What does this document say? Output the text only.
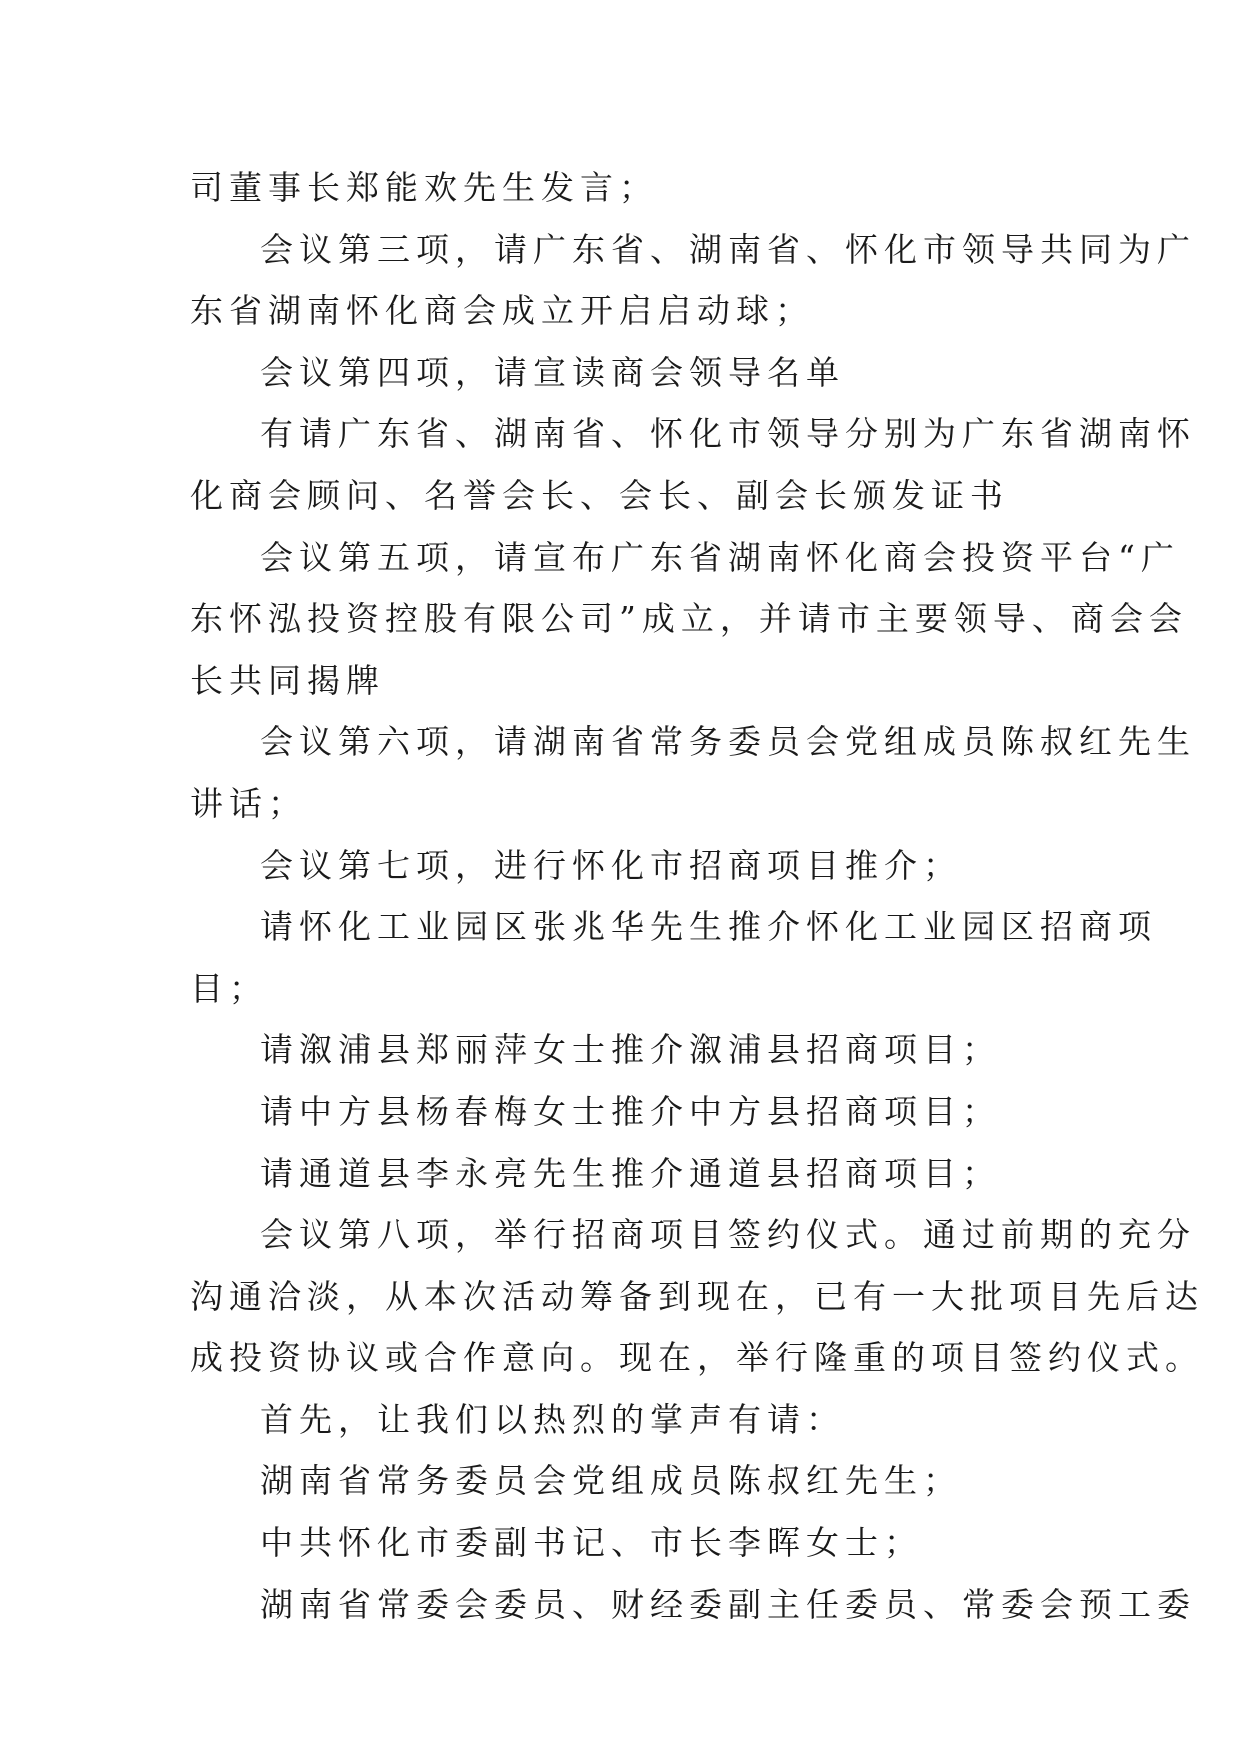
司董事长郑能欢先生发言；
会议第三项，请广东省、湖南省、怀化市领导共同为广
东省湖南怀化商会成立开启启动球；
会议第四项，请宣读商会领导名单
有请广东省、湖南省、怀化市领导分别为广东省湖南怀
化商会顾问、名誉会长、会长、副会长颁发证书
会议第五项，请宣布广东省湖南怀化商会投资平台“广
东怀泓投资控股有限公司”成立，并请市主要领导、商会会
长共同揭牌
会议第六项，请湖南省常务委员会党组成员陈叔红先生
讲话；
会议第七项，进行怀化市招商项目推介；
请怀化工业园区张兆华先生推介怀化工业园区招商项
目；
请溆浦县郑丽萍女士推介溆浦县招商项目；
请中方县杨春梅女士推介中方县招商项目；
请通道县李永亮先生推介通道县招商项目；
会议第八项，举行招商项目签约仪式。通过前期的充分
沟通洽淡，从本次活动筹备到现在，已有一大批项目先后达
成投资协议或合作意向。现在，举行隆重的项目签约仪式。
首先，让我们以热烈的掌声有请：
湖南省常务委员会党组成员陈叔红先生；
中共怀化市委副书记、市长李晖女士；
湖南省常委会委员、财经委副主任委员、常委会预工委
